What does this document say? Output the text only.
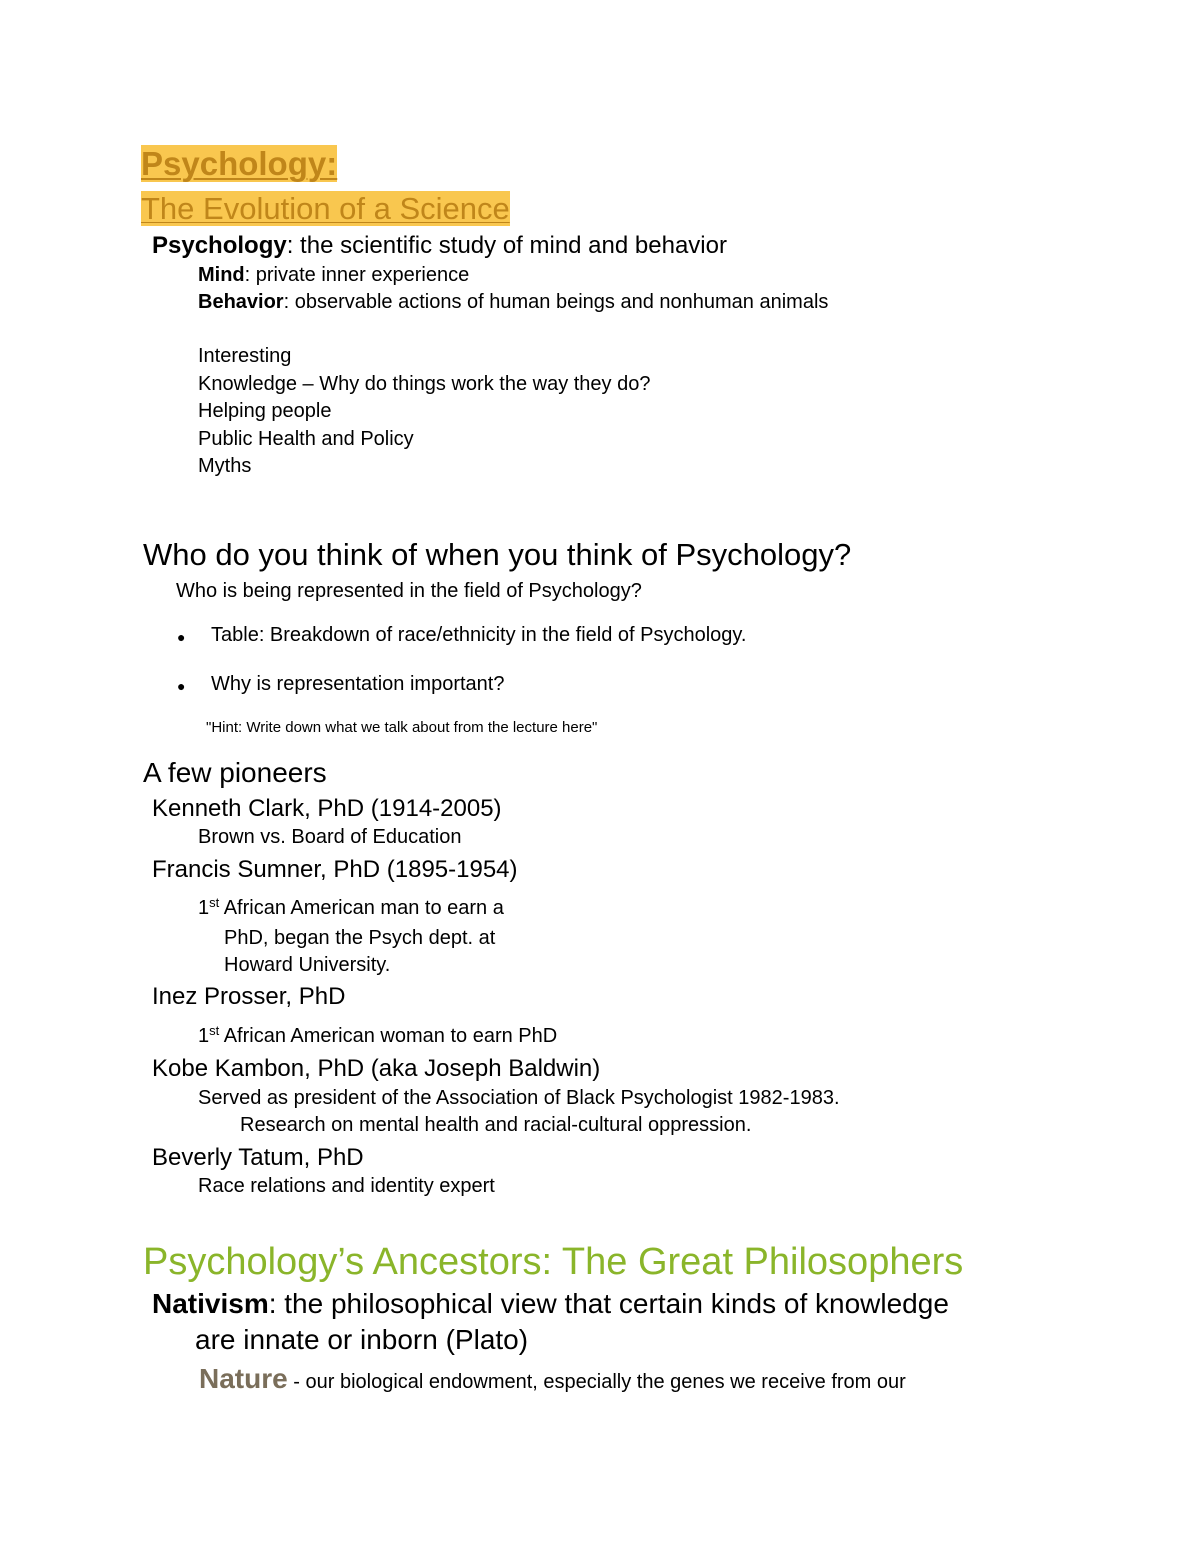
Psychology:
The Evolution of a Science
Psychology: the scientific study of mind and behavior
Mind: private inner experience
Behavior: observable actions of human beings and nonhuman animals
Interesting
Knowledge – Why do things work the way they do?
Helping people
Public Health and Policy
Myths
Who do you think of when you think of Psychology?
Who is being represented in the field of Psychology?
● Table: Breakdown of race/ethnicity in the field of Psychology.
● Why is representation important?
"Hint: Write down what we talk about from the lecture here"
A few pioneers
Kenneth Clark, PhD (1914-2005)
Brown vs. Board of Education
Francis Sumner, PhD (1895-1954)
1st African American man to earn a
PhD, began the Psych dept. at
Howard University.
Inez Prosser, PhD
1st African American woman to earn PhD
Kobe Kambon, PhD (aka Joseph Baldwin)
Served as president of the Association of Black Psychologist 1982-1983.
Research on mental health and racial-cultural oppression.
Beverly Tatum, PhD
Race relations and identity expert
Psychology’s Ancestors: The Great Philosophers
Nativism: the philosophical view that certain kinds of knowledge
are innate or inborn (Plato)
Nature - our biological endowment, especially the genes we receive from our
